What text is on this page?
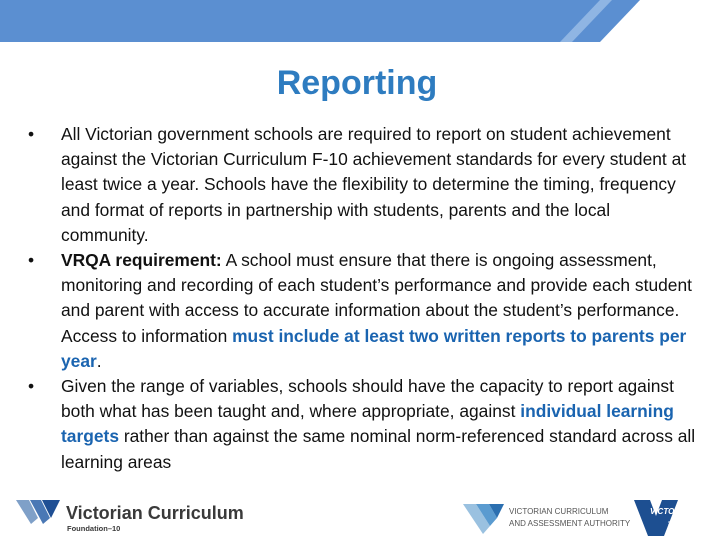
Reporting
• All Victorian government schools are required to report on student achievement against the Victorian Curriculum F-10 achievement standards for every student at least twice a year. Schools have the flexibility to determine the timing, frequency and format of reports in partnership with students, parents and the local community.
• VRQA requirement: A school must ensure that there is ongoing assessment, monitoring and recording of each student’s performance and provide each student and parent with access to accurate information about the student’s performance. Access to information must include at least two written reports to parents per year.
• Given the range of variables, schools should have the capacity to report against both what has been taught and, where appropriate, against individual learning targets rather than against the same nominal norm-referenced standard across all learning areas
Victorian Curriculum
Foundation–10
VICTORIAN CURRICULUM
AND ASSESSMENT AUTHORITY
VICTORIA
State
Government
